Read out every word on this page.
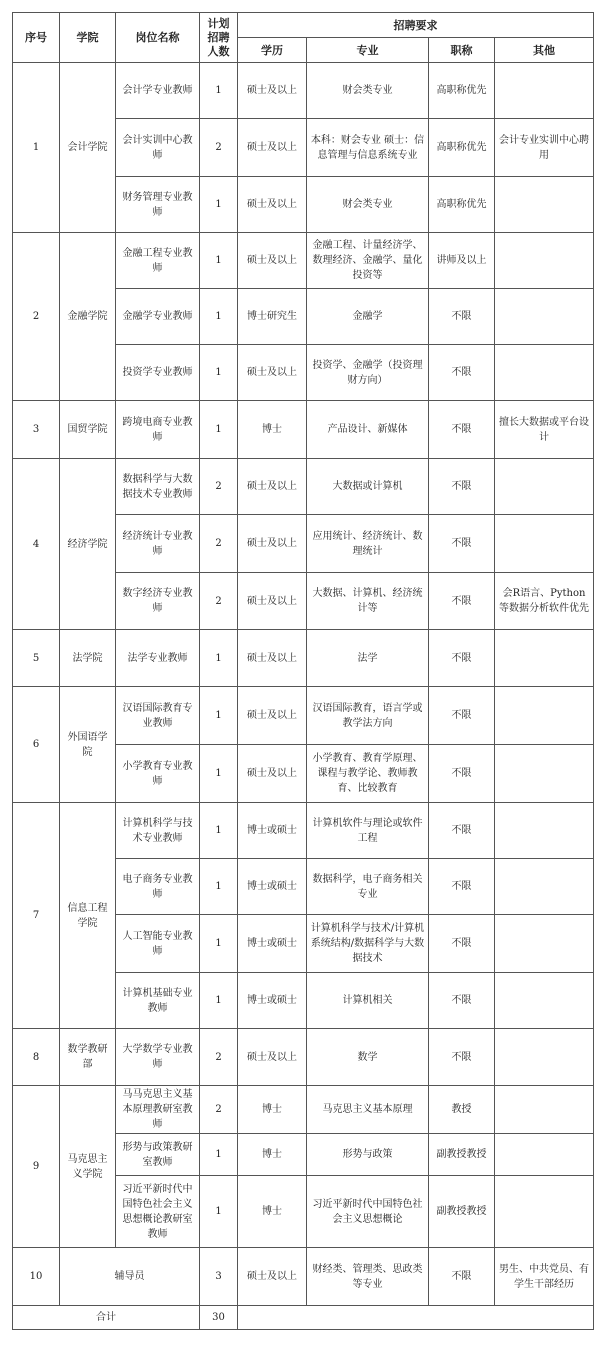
序号	学院	岗位名称	计划招聘人数	招聘要求			
				学历	专业	职称	其他
1	会计学院	会计学专业教师	1	硕士及以上	财会类专业	高职称优先	
		会计实训中心教师	2	硕士及以上	本科：财会专业 硕士：信息管理与信息系统专业	高职称优先	会计专业实训中心聘用
		财务管理专业教师	1	硕士及以上	财会类专业	高职称优先	
2	金融学院	金融工程专业教师	1	硕士及以上	金融工程、计量经济学、数理经济、金融学、量化投资等	讲师及以上	
		金融学专业教师	1	博士研究生	金融学	不限	
		投资学专业教师	1	硕士及以上	投资学、金融学（投资理财方向）	不限	
3	国贸学院	跨境电商专业教师	1	博士	产品设计、新媒体	不限	擅长大数据或平台设计
4	经济学院	数据科学与大数据技术专业教师	2	硕士及以上	大数据或计算机	不限	
		经济统计专业教师	2	硕士及以上	应用统计、经济统计、数理统计	不限	
		数字经济专业教师	2	硕士及以上	大数据、计算机、经济统计等	不限	会R语言、Python等数据分析软件优先
5	法学院	法学专业教师	1	硕士及以上	法学	不限	
6	外国语学院	汉语国际教育专业教师	1	硕士及以上	汉语国际教育，语言学或教学法方向	不限	
		小学教育专业教师	1	硕士及以上	小学教育、教育学原理、课程与教学论、教师教育、比较教育	不限	
7	信息工程学院	计算机科学与技术专业教师	1	博士或硕士	计算机软件与理论或软件工程	不限	
		电子商务专业教师	1	博士或硕士	数据科学，电子商务相关专业	不限	
		人工智能专业教师	1	博士或硕士	计算机科学与技术/计算机系统结构/数据科学与大数据技术	不限	
		计算机基础专业教师	1	博士或硕士	计算机相关	不限	
8	数学教研部	大学数学专业教师	2	硕士及以上	数学	不限	
9	马克思主义学院	马马克思主义基本原理教研室教师	2	博士	马克思主义基本原理	教授	
		形势与政策教研室教师	1	博士	形势与政策	副教授教授	
		习近平新时代中国特色社会主义思想概论教研室教师	1	博士	习近平新时代中国特色社会主义思想概论	副教授教授	
10	辅导员		3	硕士及以上	财经类、管理类、思政类等专业	不限	男生、中共党员、有学生干部经历
合计			30				
